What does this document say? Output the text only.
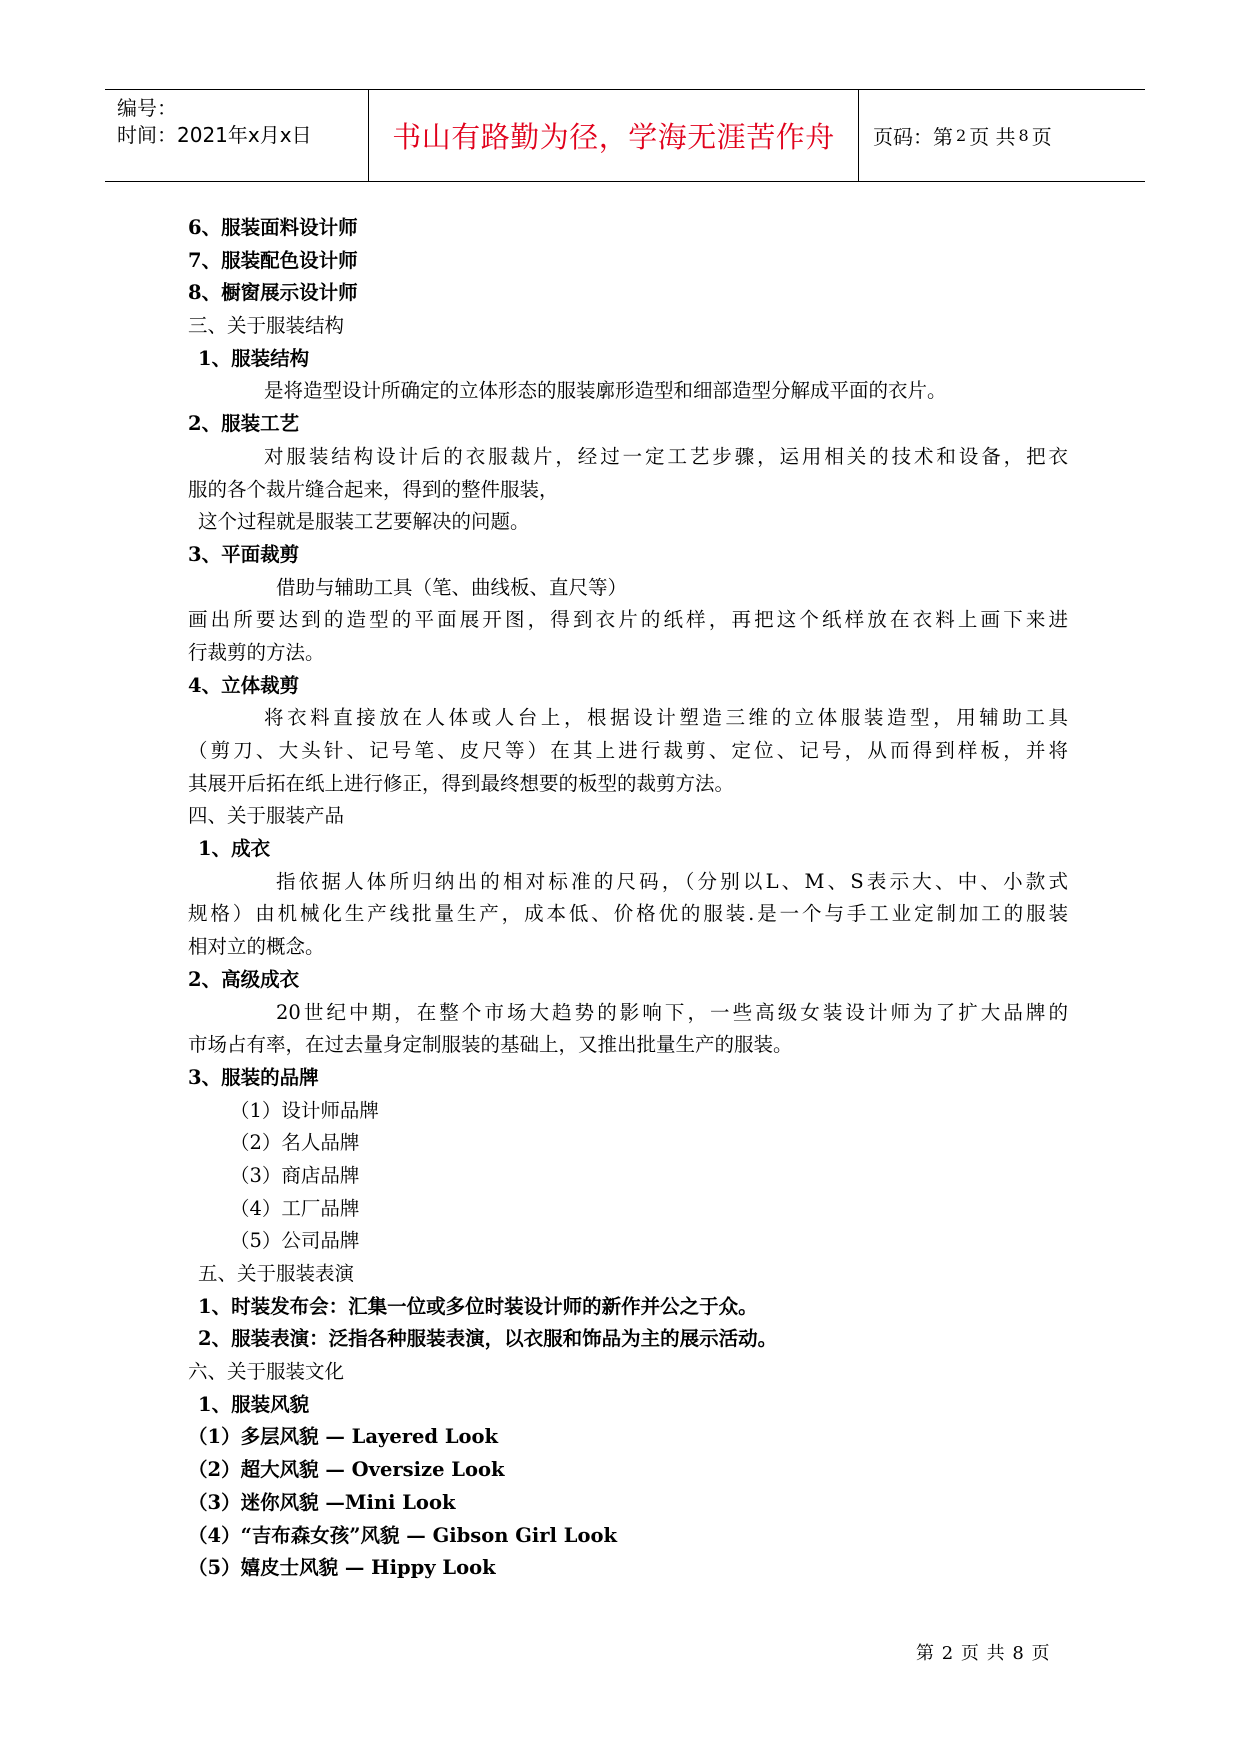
编号：
时间：2021年x月x日	书山有路勤为径，学海无涯苦作舟	页码：第 2 页 共 8 页
6、服装面料设计师
7、服装配色设计师
8、橱窗展示设计师
三、关于服装结构
1、服装结构
是将造型设计所确定的立体形态的服装廓形造型和细部造型分解成平面的衣片。
2、服装工艺
对服装结构设计后的衣服裁片，经过一定工艺步骤，运用相关的技术和设备，把衣
服的各个裁片缝合起来，得到的整件服装，
这个过程就是服装工艺要解决的问题。
3、平面裁剪
借助与辅助工具（笔、曲线板、直尺等）
画出所要达到的造型的平面展开图，得到衣片的纸样，再把这个纸样放在衣料上画下来进
行裁剪的方法。
4、立体裁剪
将衣料直接放在人体或人台上，根据设计塑造三维的立体服装造型，用辅助工具
（剪刀、大头针、记号笔、皮尺等）在其上进行裁剪、定位、记号，从而得到样板，并将
其展开后拓在纸上进行修正，得到最终想要的板型的裁剪方法。
四、关于服装产品
1、成衣
指依据人体所归纳出的相对标准的尺码，（分别以L、M、S表示大、中、小款式
规格）由机械化生产线批量生产，成本低、价格优的服装.是一个与手工业定制加工的服装
相对立的概念。
2、高级成衣
20世纪中期，在整个市场大趋势的影响下，一些高级女装设计师为了扩大品牌的
市场占有率，在过去量身定制服装的基础上，又推出批量生产的服装。
3、服装的品牌
（1）设计师品牌
（2）名人品牌
（3）商店品牌
（4）工厂品牌
（5）公司品牌
五、关于服装表演
1、时装发布会：汇集一位或多位时装设计师的新作并公之于众。
2、服装表演：泛指各种服装表演，以衣服和饰品为主的展示活动。
六、关于服装文化
1、服装风貌
（1）多层风貌 — Layered Look
（2）超大风貌 — Oversize Look
（3）迷你风貌 —Mini Look
（4）“吉布森女孩”风貌 — Gibson Girl Look
（5）嬉皮士风貌 — Hippy Look
第 2 页 共 8 页
